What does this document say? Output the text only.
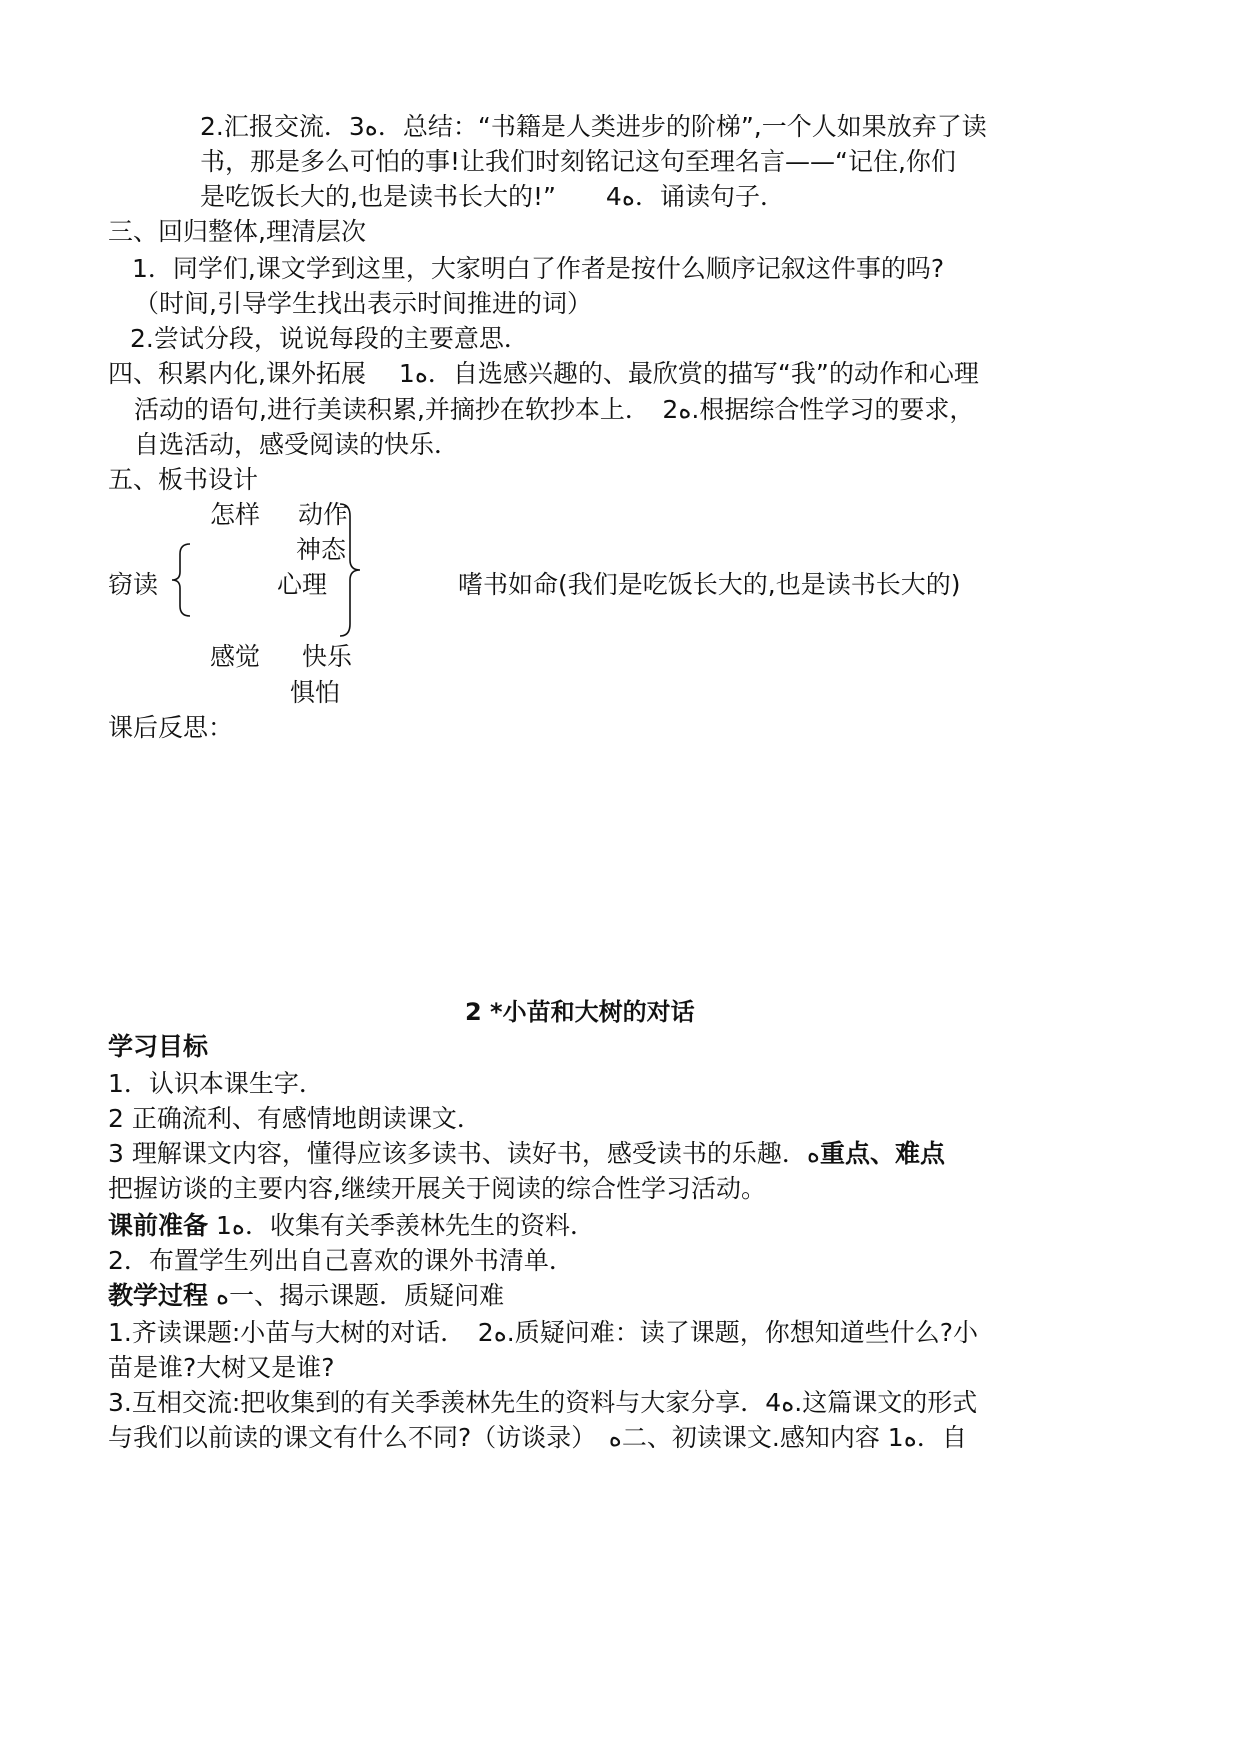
2.汇报交流．3ﻩ．总结：“书籍是人类进步的阶梯”,一个人如果放弃了读
书，那是多么可怕的事!让我们时刻铭记这句至理名言——“记住,你们
是吃饭长大的,也是读书长大的!”　　4ﻩ．诵读句子．
三、回归整体,理清层次
1．同学们,课文学到这里，大家明白了作者是按什么顺序记叙这件事的吗?
（时间,引导学生找出表示时间推进的词）
2.尝试分段，说说每段的主要意思．
四、积累内化,课外拓展　 1ﻩ．自选感兴趣的、最欣赏的描写“我”的动作和心理
活动的语句,进行美读积累,并摘抄在软抄本上．　2ﻩ.根据综合性学习的要求，
自选活动，感受阅读的快乐．
五、板书设计
怎样 动作
神态
窃读	心理	嗜书如命(我们是吃饭长大的,也是读书长大的)
感觉 快乐
惧怕
课后反思：
2 *小苗和大树的对话
学习目标
1．认识本课生字．
2 正确流利、有感情地朗读课文．
3 理解课文内容，懂得应该多读书、读好书，感受读书的乐趣．ﻩ重点、难点
把握访谈的主要内容,继续开展关于阅读的综合性学习活动。
课前准备 1ﻩ．收集有关季羡林先生的资料．
2．布置学生列出自己喜欢的课外书清单．
教学过程 ﻩ一、揭示课题．质疑问难
1.齐读课题:小苗与大树的对话．　2ﻩ.质疑问难：读了课题，你想知道些什么?小
苗是谁?大树又是谁?
3.互相交流:把收集到的有关季羡林先生的资料与大家分享．4ﻩ.这篇课文的形式
与我们以前读的课文有什么不同?（访谈录）　ﻩ二、初读课文.感知内容 1ﻩ．自
